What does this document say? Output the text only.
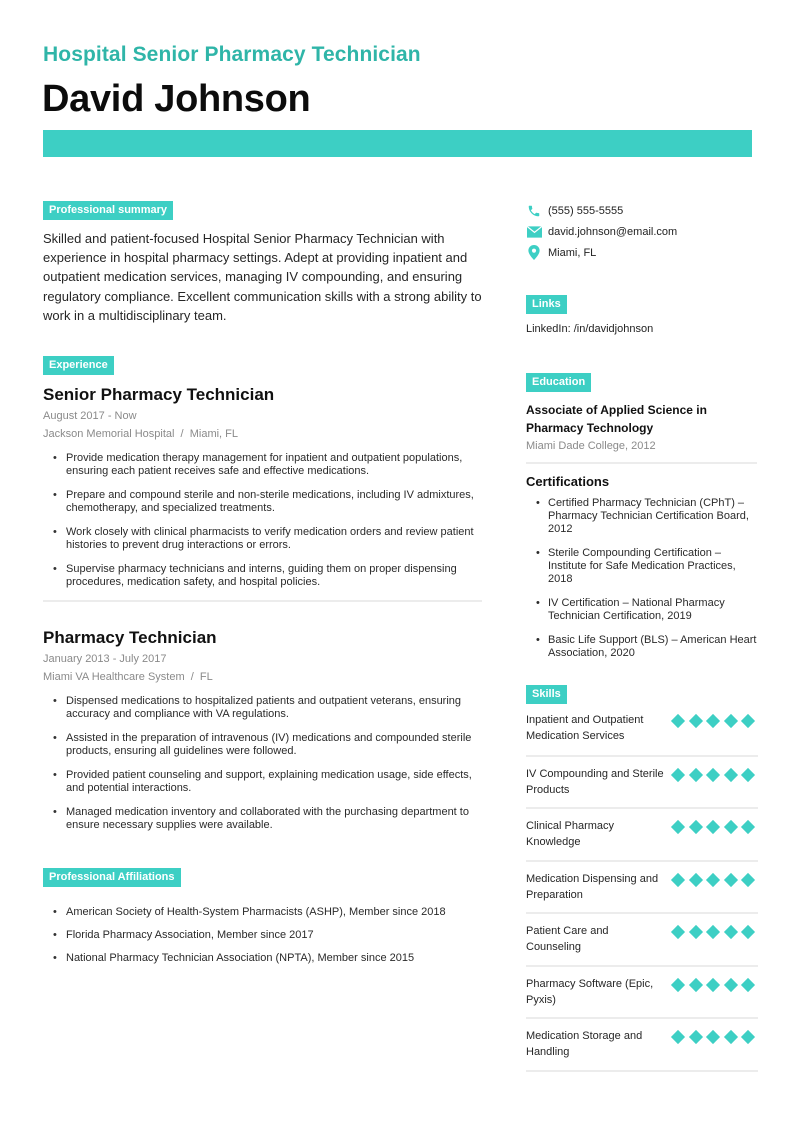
Hospital Senior Pharmacy Technician
David Johnson
Professional summary

Skilled and patient-focused Hospital Senior Pharmacy Technician with experience in hospital pharmacy settings. Adept at providing inpatient and outpatient medication services, managing IV compounding, and ensuring regulatory compliance. Excellent communication skills with a strong ability to work in a multidisciplinary team.

Experience
Senior Pharmacy Technician
August 2017 - Now
Jackson Memorial Hospital  /  Miami, FL
• Provide medication therapy management for inpatient and outpatient populations, ensuring each patient receives safe and effective medications.
• Prepare and compound sterile and non-sterile medications, including IV admixtures, chemotherapy, and specialized treatments.
• Work closely with clinical pharmacists to verify medication orders and review patient histories to prevent drug interactions or errors.
• Supervise pharmacy technicians and interns, guiding them on proper dispensing procedures, medication safety, and hospital policies.
Pharmacy Technician
January 2013 - July 2017
Miami VA Healthcare System  /  FL
• Dispensed medications to hospitalized patients and outpatient veterans, ensuring accuracy and compliance with VA regulations.
• Assisted in the preparation of intravenous (IV) medications and compounded sterile products, ensuring all guidelines were followed.
• Provided patient counseling and support, explaining medication usage, side effects, and potential interactions.
• Managed medication inventory and collaborated with the purchasing department to ensure necessary supplies were available.
Professional Affiliations
• American Society of Health-System Pharmacists (ASHP), Member since 2018
• Florida Pharmacy Association, Member since 2017
• National Pharmacy Technician Association (NPTA), Member since 2015
(555) 555-5555
david.johnson@email.com
Miami, FL
Links
LinkedIn: /in/davidjohnson
Education
Associate of Applied Science in Pharmacy Technology
Miami Dade College, 2012
Certifications
• Certified Pharmacy Technician (CPhT) – Pharmacy Technician Certification Board, 2012
• Sterile Compounding Certification – Institute for Safe Medication Practices, 2018
• IV Certification – National Pharmacy Technician Certification, 2019
• Basic Life Support (BLS) – American Heart Association, 2020
Skills
Inpatient and Outpatient Medication Services
IV Compounding and Sterile Products
Clinical Pharmacy Knowledge
Medication Dispensing and Preparation
Patient Care and Counseling
Pharmacy Software (Epic, Pyxis)
Medication Storage and Handling
